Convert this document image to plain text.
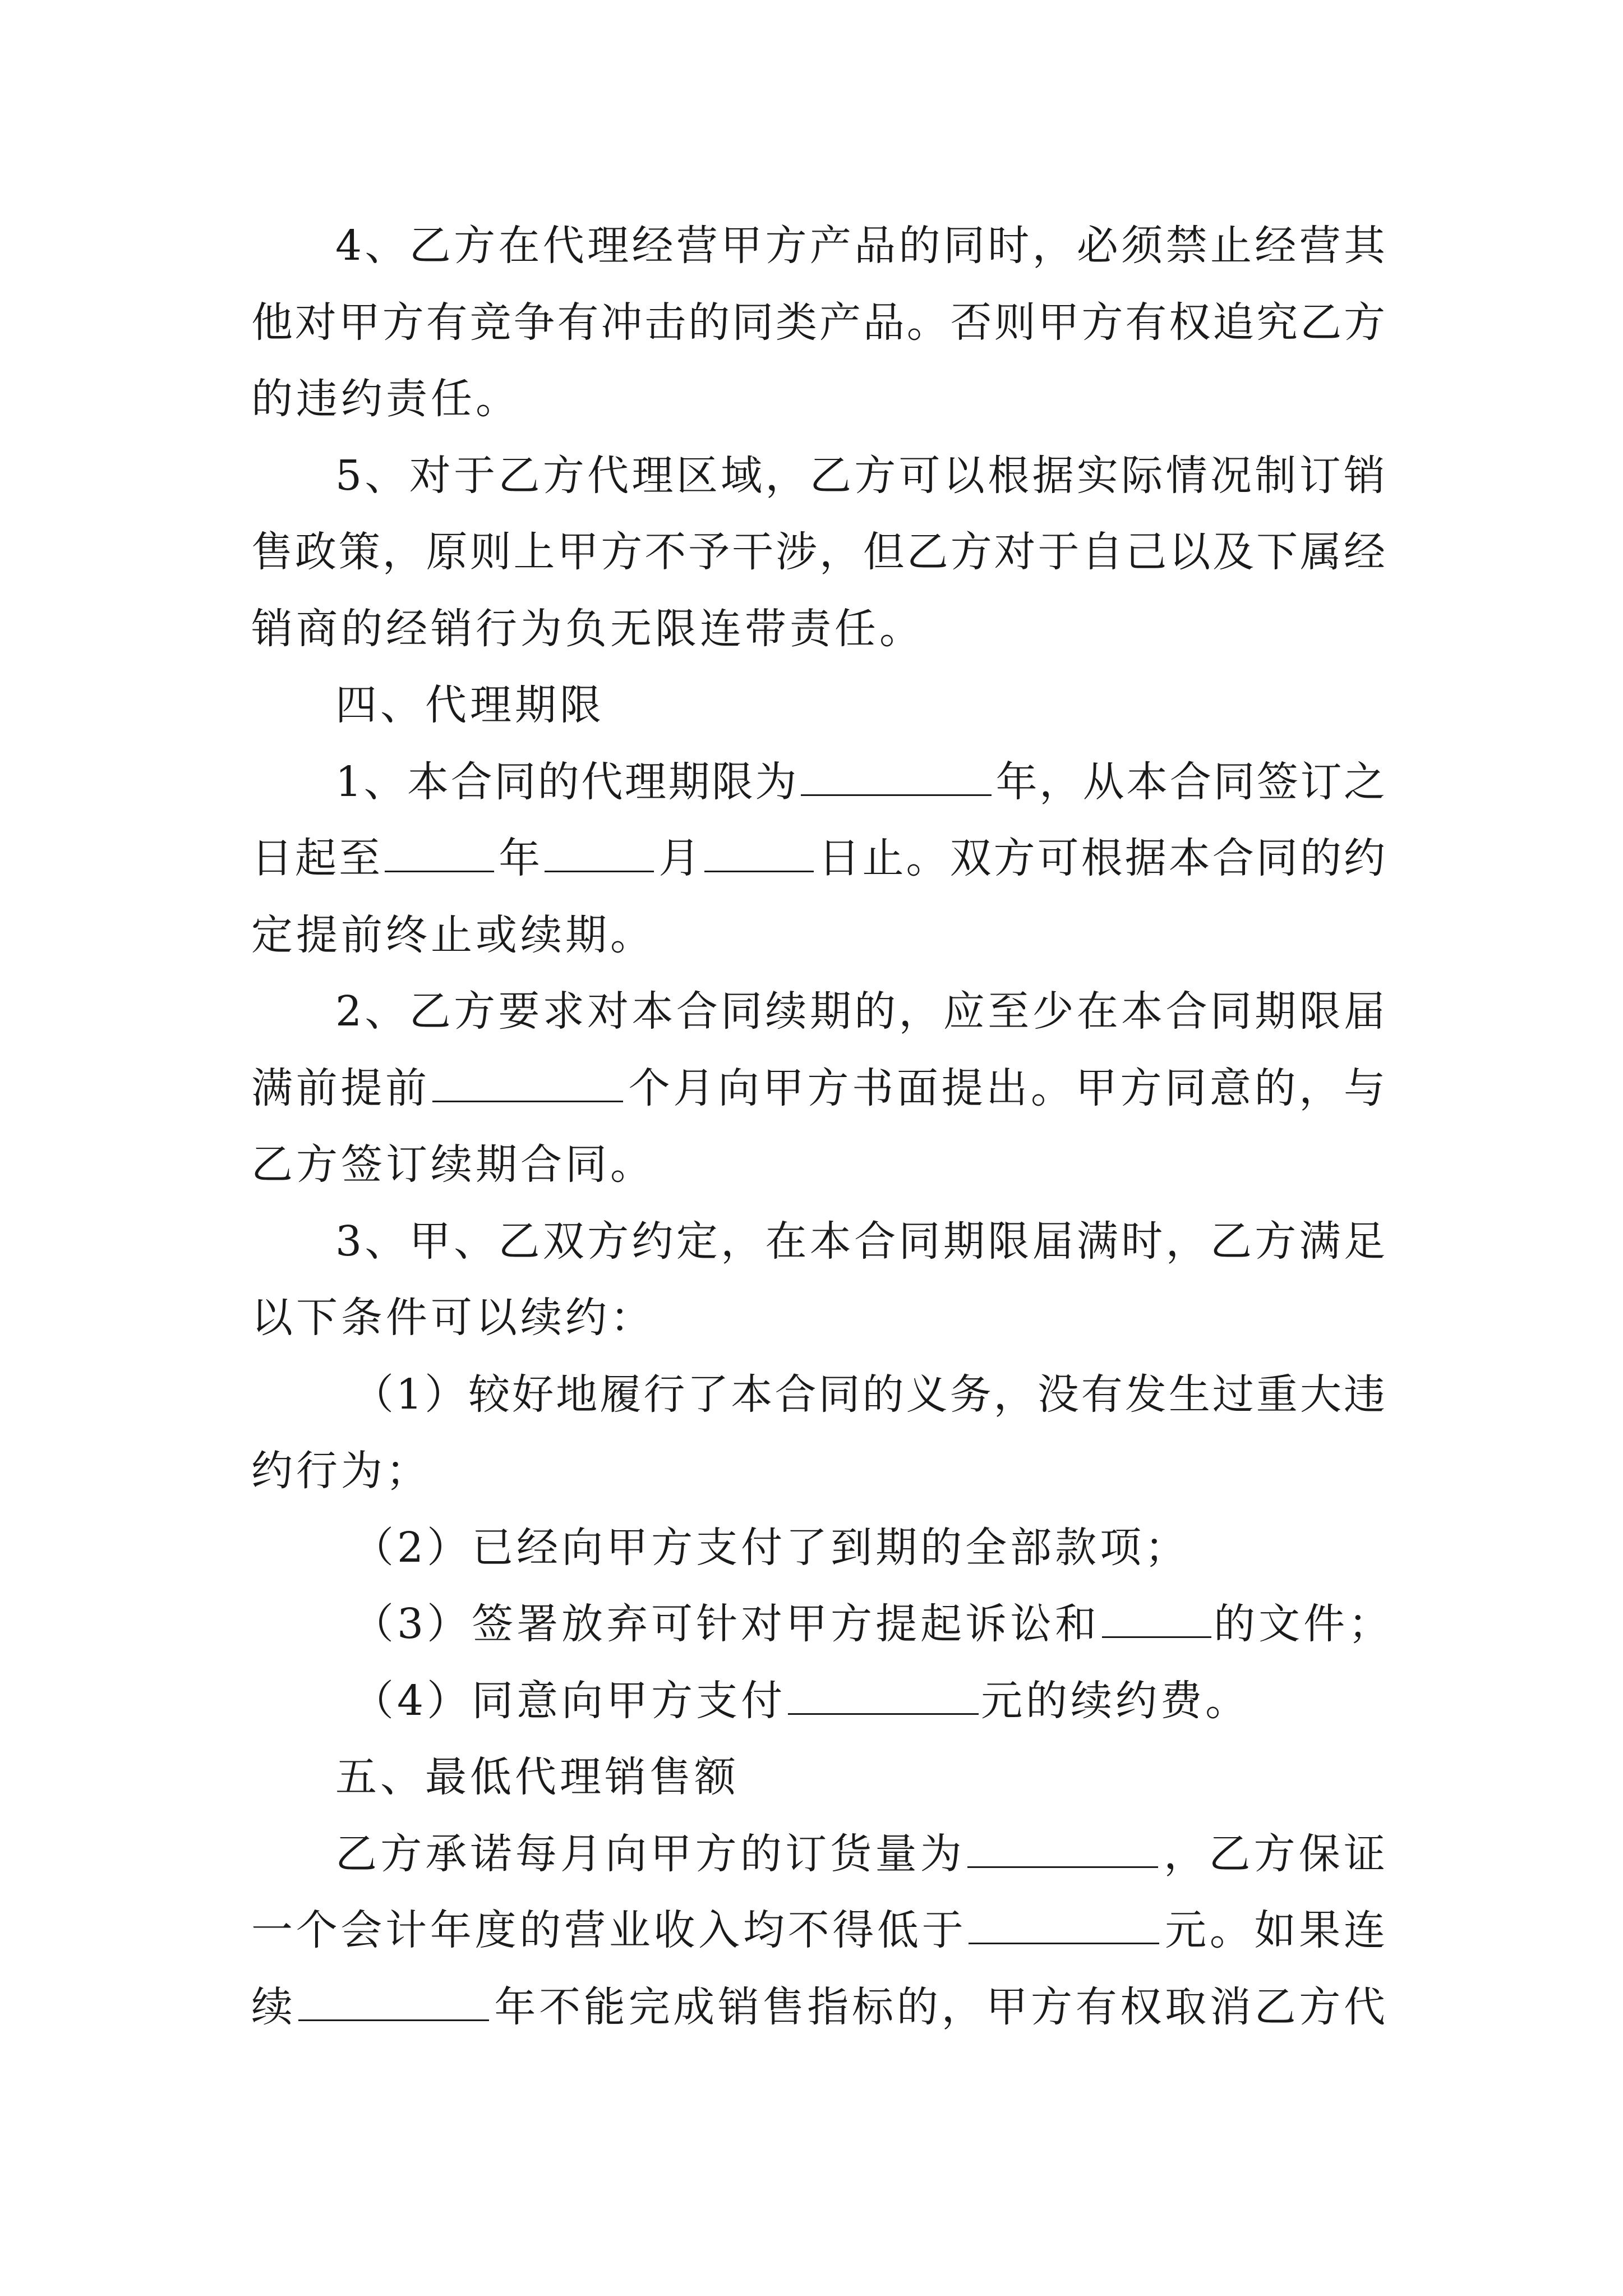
4、乙方在代理经营甲方产品的同时，必须禁止经营其
他对甲方有竞争有冲击的同类产品。否则甲方有权追究乙方
的违约责任。
5、对于乙方代理区域，乙方可以根据实际情况制订销
售政策，原则上甲方不予干涉，但乙方对于自己以及下属经
销商的经销行为负无限连带责任。
四、代理期限
1、本合同的代理期限为	年，从本合同签订之
日起至	年	月	日止。双方可根据本合同的约
定提前终止或续期。
2、乙方要求对本合同续期的，应至少在本合同期限届
满前提前	个月向甲方书面提出。甲方同意的，与
乙方签订续期合同。
3、甲、乙双方约定，在本合同期限届满时，乙方满足
以下条件可以续约：
（1）较好地履行了本合同的义务，没有发生过重大违
约行为；
（2）已经向甲方支付了到期的全部款项；
（3）签署放弃可针对甲方提起诉讼和	的文件；
（4）同意向甲方支付	元的续约费。
五、最低代理销售额
乙方承诺每月向甲方的订货量为	，乙方保证
一个会计年度的营业收入均不得低于	元。如果连
续	年不能完成销售指标的，甲方有权取消乙方代
